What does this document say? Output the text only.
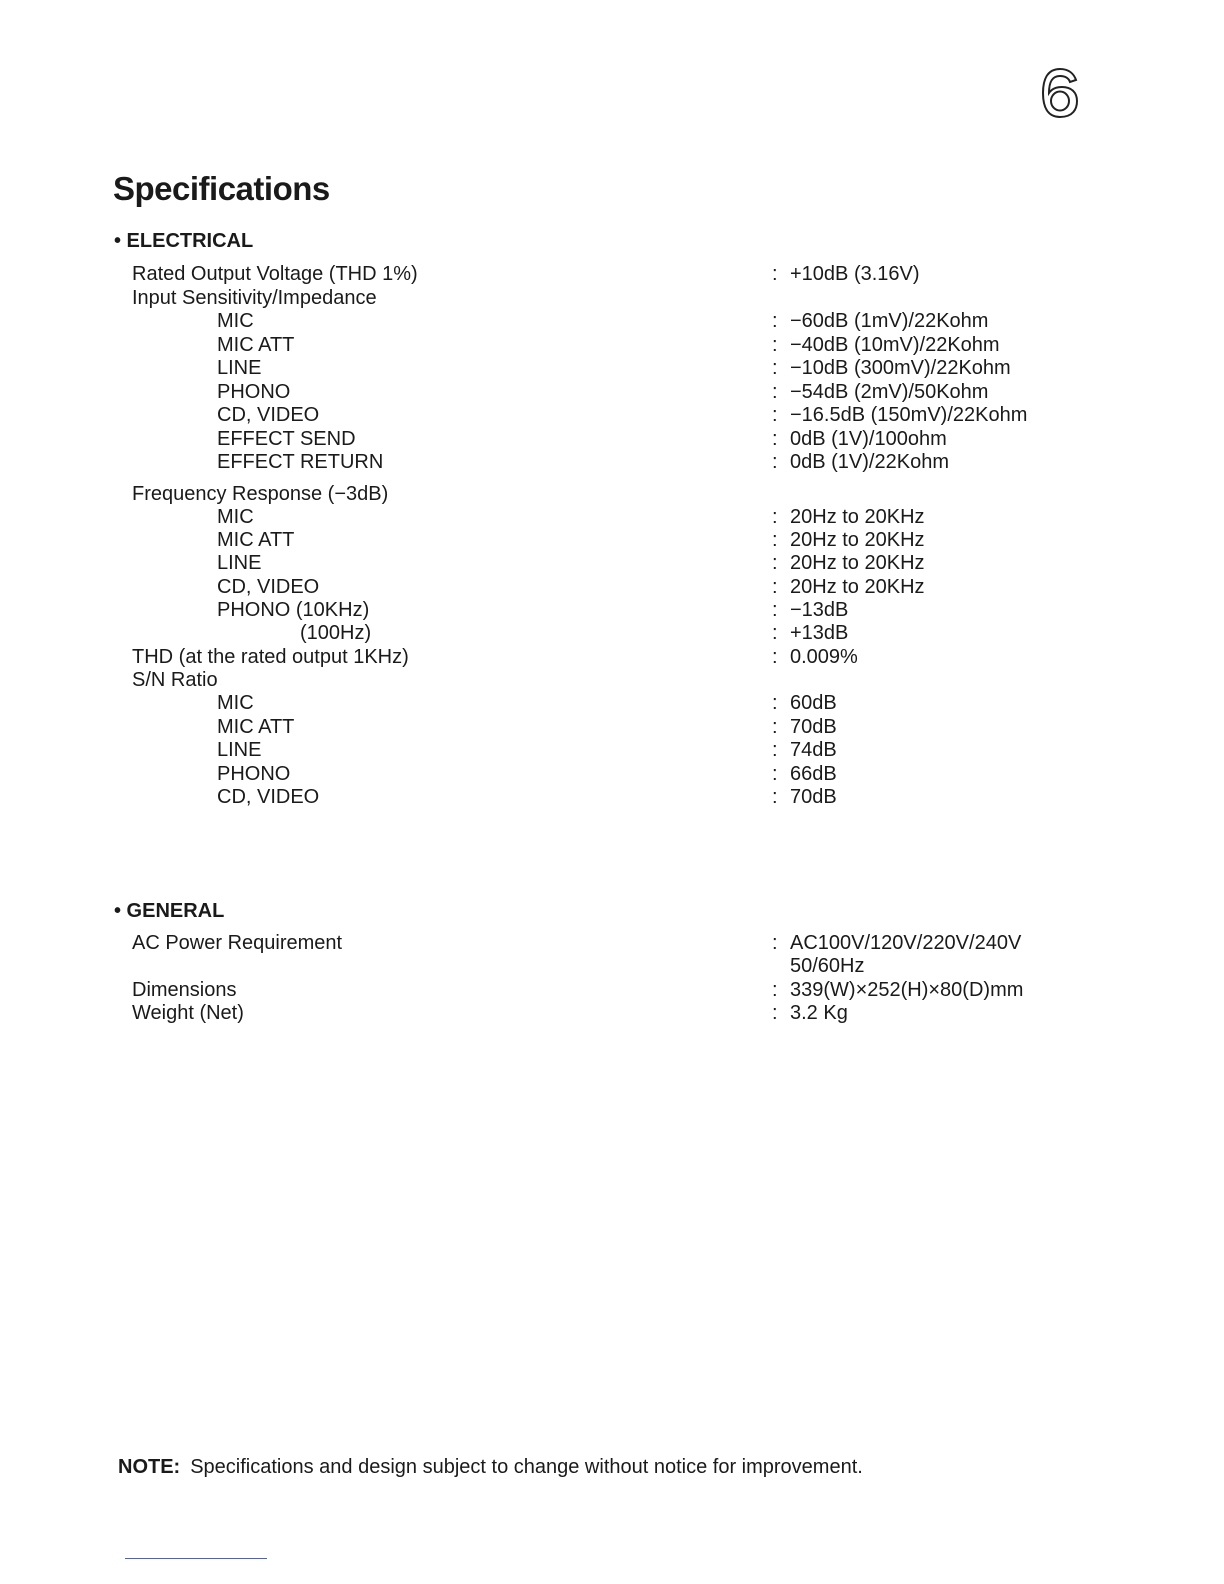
Specifications
• ELECTRICAL
Rated Output Voltage (THD 1%)	: +10dB (3.16V)
Input Sensitivity/Impedance
MIC	: −60dB (1mV)/22Kohm
MIC ATT	: −40dB (10mV)/22Kohm
LINE	: −10dB (300mV)/22Kohm
PHONO	: −54dB (2mV)/50Kohm
CD, VIDEO	: −16.5dB (150mV)/22Kohm
EFFECT SEND	: 0dB (1V)/100ohm
EFFECT RETURN	: 0dB (1V)/22Kohm
Frequency Response (−3dB)
MIC	: 20Hz to 20KHz
MIC ATT	: 20Hz to 20KHz
LINE	: 20Hz to 20KHz
CD, VIDEO	: 20Hz to 20KHz
PHONO (10KHz)	: −13dB
(100Hz)	: +13dB
THD (at the rated output 1KHz)	: 0.009%
S/N Ratio
MIC	: 60dB
MIC ATT	: 70dB
LINE	: 74dB
PHONO	: 66dB
CD, VIDEO	: 70dB
• GENERAL
AC Power Requirement	: AC100V/120V/220V/240V
50/60Hz
Dimensions	: 339(W)×252(H)×80(D)mm
Weight (Net)	: 3.2 Kg
NOTE: Specifications and design subject to change without notice for improvement.
